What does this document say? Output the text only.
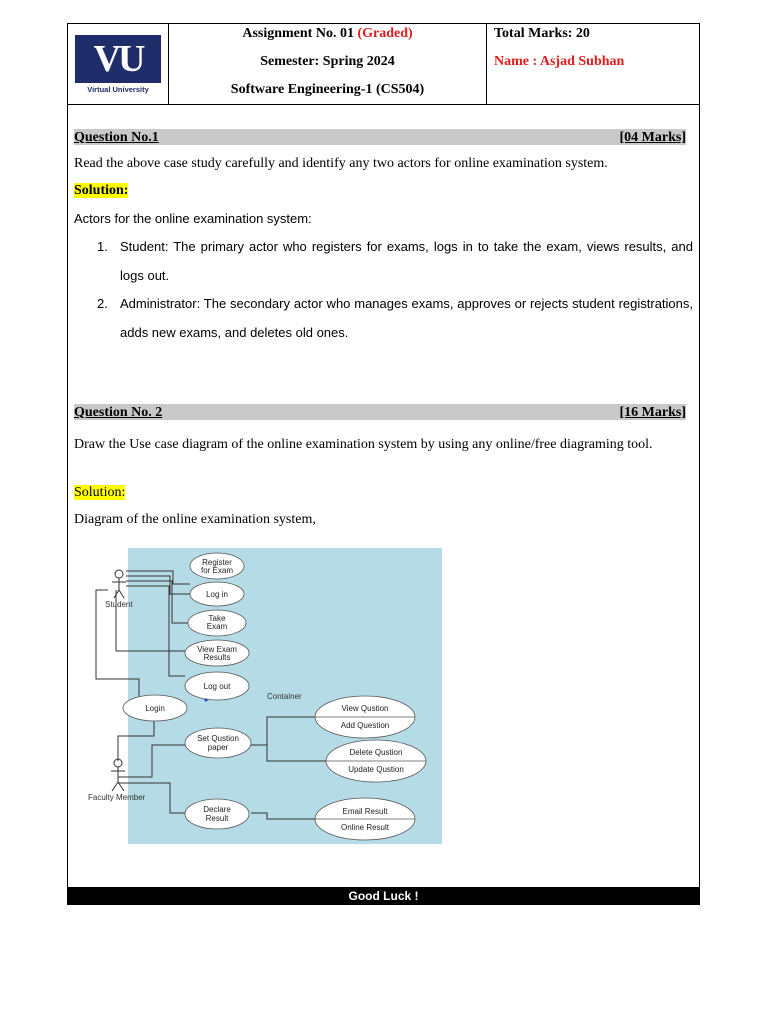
VU
Virtual University
Assignment No. 01 (Graded)
Semester: Spring 2024
Software Engineering-1 (CS504)
Total Marks: 20
Name : Asjad Subhan
Question No.1	[04 Marks]
Read the above case study carefully and identify any two actors for online examination system.
Solution:
Actors for the online examination system:
1. Student: The primary actor who registers for exams, logs in to take the exam, views results, and logs out.
2. Administrator: The secondary actor who manages exams, approves or rejects student registrations, adds new exams, and deletes old ones.
Question No. 2	[16 Marks]
Draw the Use case diagram of the online examination system by using any online/free diagraming tool.
Solution:
Diagram of the online examination system,
Student
Faculty Member
Container
Register
for Exam
Log in
Take
Exam
View Exam
Results
Log out
Login
Set Qustion
paper
View Qustion
Add Question
Delete Qustion
Update Qustion
Declare
Result
Email Result
Online Result
Good Luck !
